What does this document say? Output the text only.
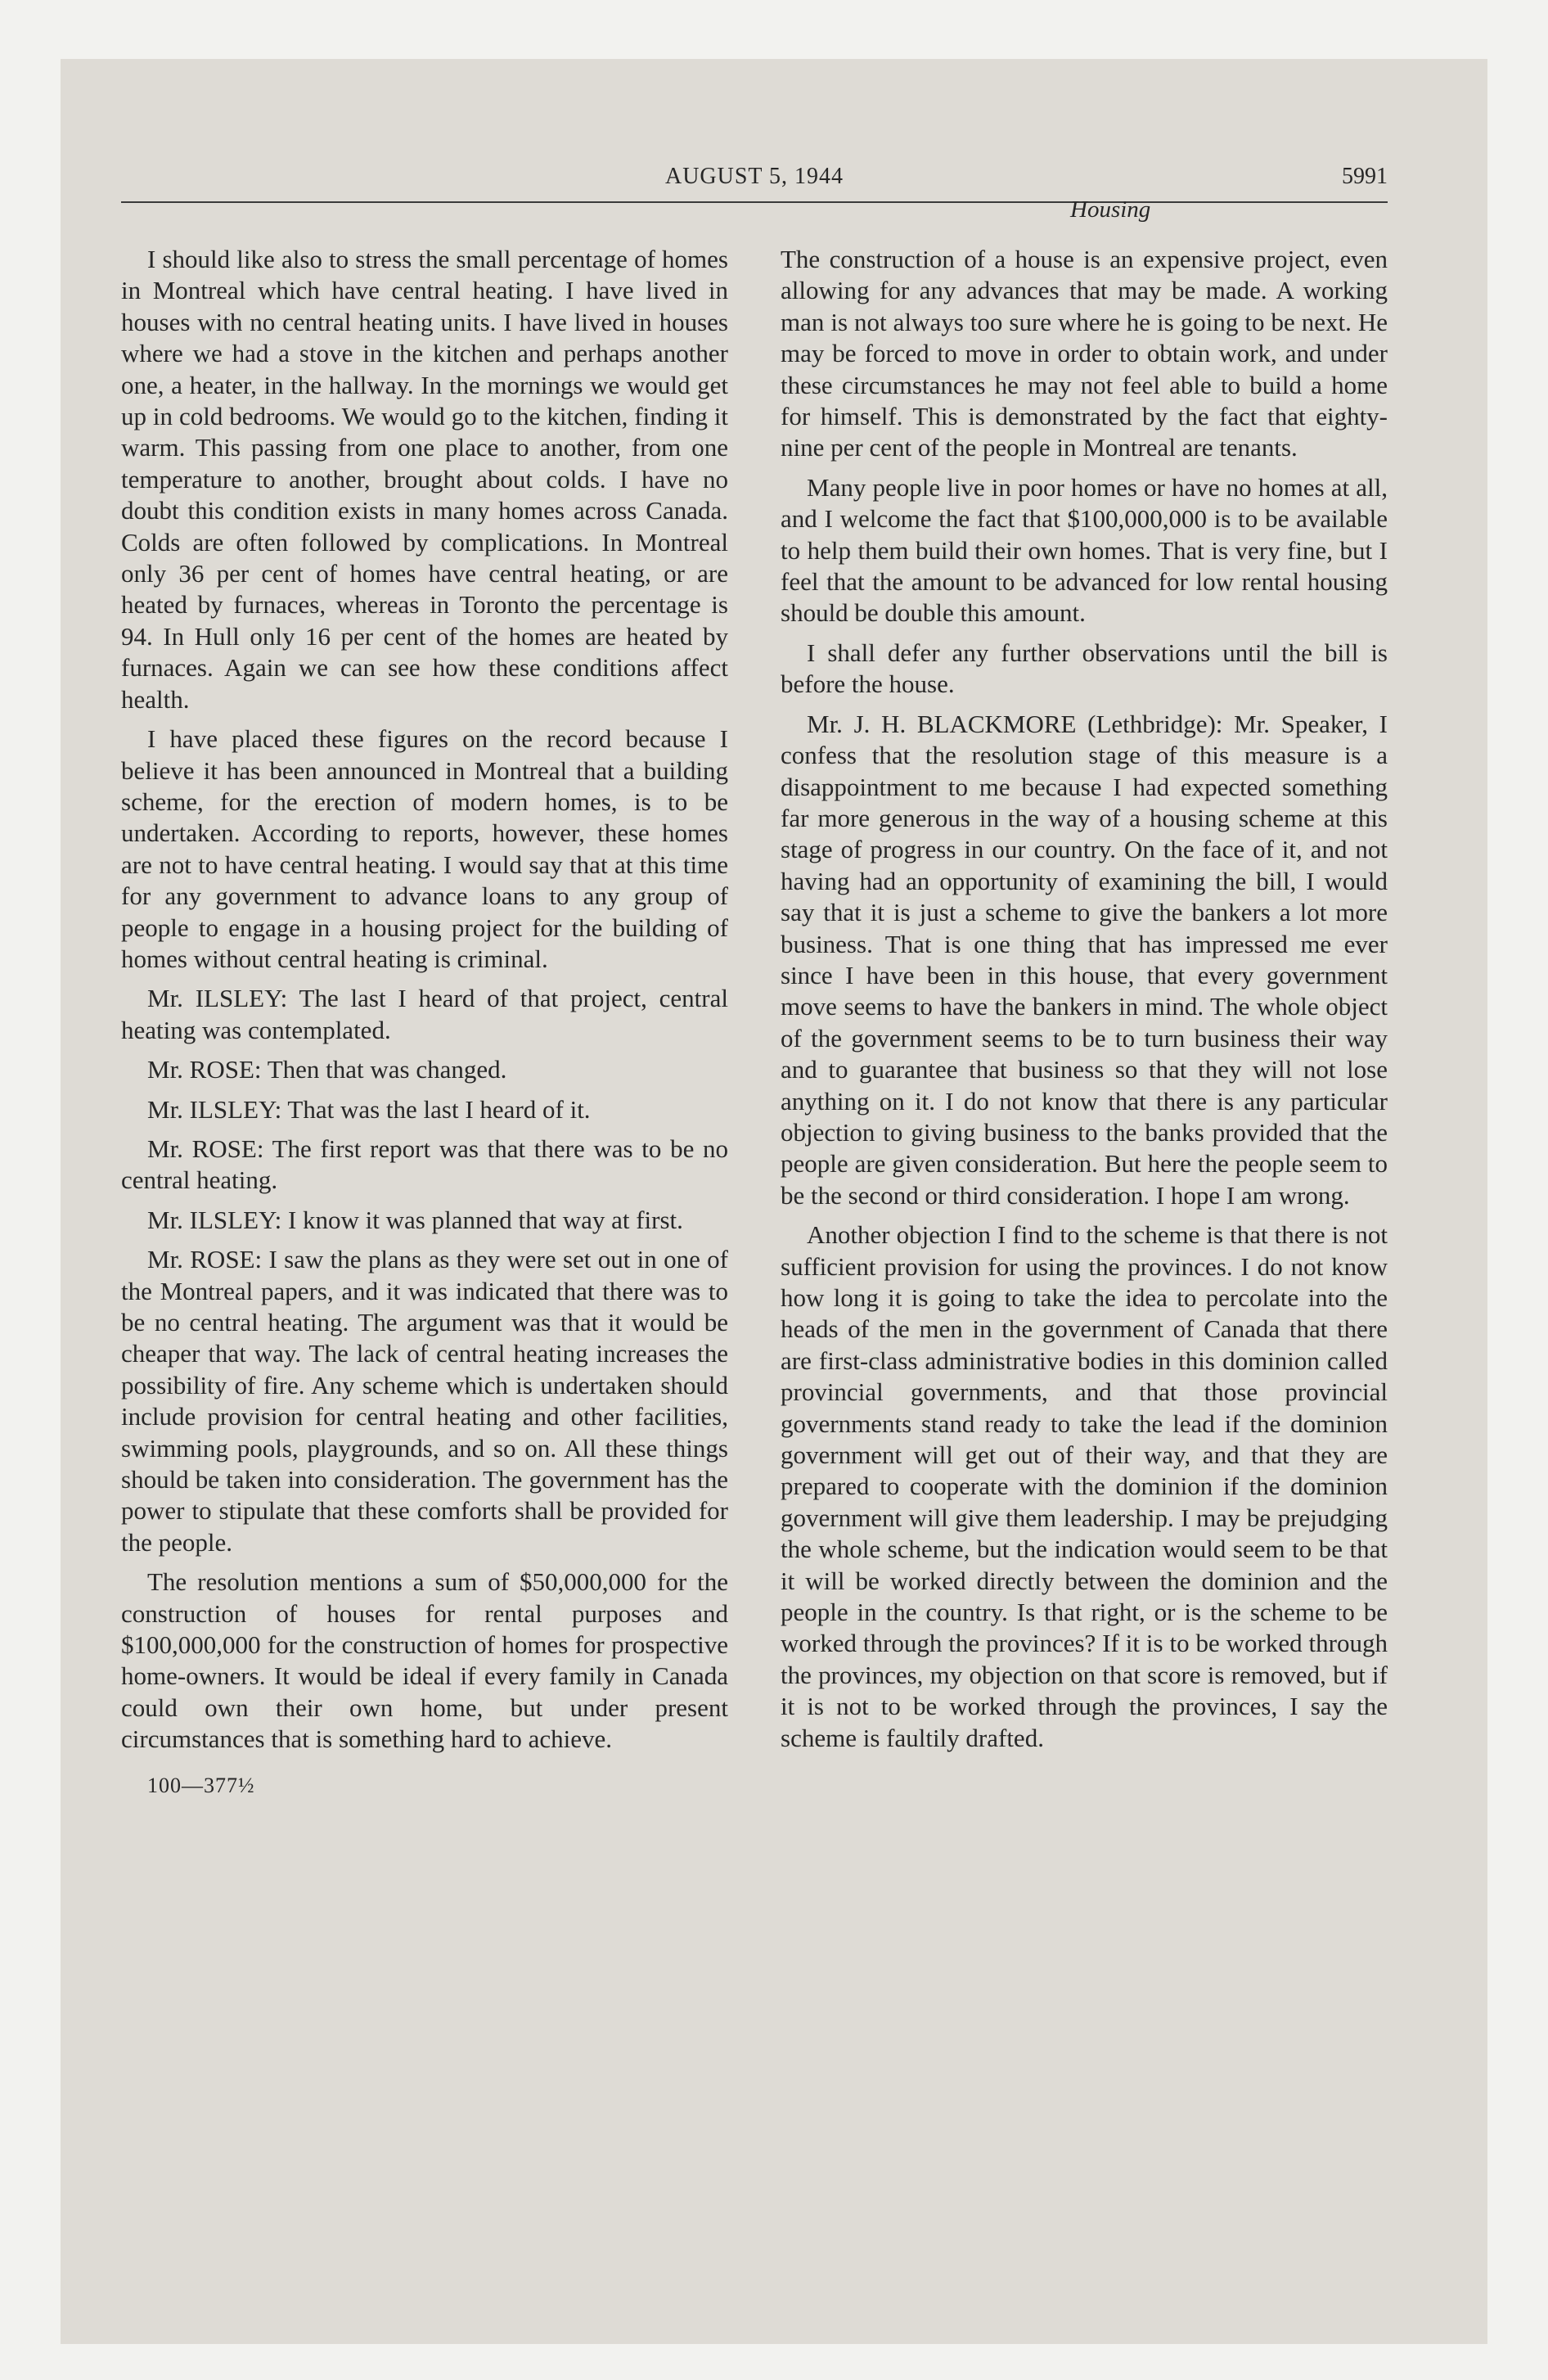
AUGUST 5, 1944	5991
Housing

I should like also to stress the small percentage of homes in Montreal which have central heating. I have lived in houses with no central heating units. I have lived in houses where we had a stove in the kitchen and perhaps another one, a heater, in the hallway. In the mornings we would get up in cold bedrooms. We would go to the kitchen, finding it warm. This passing from one place to another, from one temperature to another, brought about colds. I have no doubt this condition exists in many homes across Canada. Colds are often followed by complications. In Montreal only 36 per cent of homes have central heating, or are heated by furnaces, whereas in Toronto the percentage is 94. In Hull only 16 per cent of the homes are heated by furnaces. Again we can see how these conditions affect health.

I have placed these figures on the record because I believe it has been announced in Montreal that a building scheme, for the erection of modern homes, is to be undertaken. According to reports, however, these homes are not to have central heating. I would say that at this time for any government to advance loans to any group of people to engage in a housing project for the building of homes without central heating is criminal.

Mr. ILSLEY: The last I heard of that project, central heating was contemplated.

Mr. ROSE: Then that was changed.

Mr. ILSLEY: That was the last I heard of it.

Mr. ROSE: The first report was that there was to be no central heating.

Mr. ILSLEY: I know it was planned that way at first.

Mr. ROSE: I saw the plans as they were set out in one of the Montreal papers, and it was indicated that there was to be no central heating. The argument was that it would be cheaper that way. The lack of central heating increases the possibility of fire. Any scheme which is undertaken should include provision for central heating and other facilities, swimming pools, playgrounds, and so on. All these things should be taken into consideration. The government has the power to stipulate that these comforts shall be provided for the people.

The resolution mentions a sum of $50,000,000 for the construction of houses for rental purposes and $100,000,000 for the construction of homes for prospective home-owners. It would be ideal if every family in Canada could own their own home, but under present circumstances that is something hard to achieve.

100—377½

The construction of a house is an expensive project, even allowing for any advances that may be made. A working man is not always too sure where he is going to be next. He may be forced to move in order to obtain work, and under these circumstances he may not feel able to build a home for himself. This is demonstrated by the fact that eighty-nine per cent of the people in Montreal are tenants.

Many people live in poor homes or have no homes at all, and I welcome the fact that $100,000,000 is to be available to help them build their own homes. That is very fine, but I feel that the amount to be advanced for low rental housing should be double this amount.

I shall defer any further observations until the bill is before the house.

Mr. J. H. BLACKMORE (Lethbridge): Mr. Speaker, I confess that the resolution stage of this measure is a disappointment to me because I had expected something far more generous in the way of a housing scheme at this stage of progress in our country. On the face of it, and not having had an opportunity of examining the bill, I would say that it is just a scheme to give the bankers a lot more business. That is one thing that has impressed me ever since I have been in this house, that every government move seems to have the bankers in mind. The whole object of the government seems to be to turn business their way and to guarantee that business so that they will not lose anything on it. I do not know that there is any particular objection to giving business to the banks provided that the people are given consideration. But here the people seem to be the second or third consideration. I hope I am wrong.

Another objection I find to the scheme is that there is not sufficient provision for using the provinces. I do not know how long it is going to take the idea to percolate into the heads of the men in the government of Canada that there are first-class administrative bodies in this dominion called provincial governments, and that those provincial governments stand ready to take the lead if the dominion government will get out of their way, and that they are prepared to cooperate with the dominion if the dominion government will give them leadership. I may be prejudging the whole scheme, but the indication would seem to be that it will be worked directly between the dominion and the people in the country. Is that right, or is the scheme to be worked through the provinces? If it is to be worked through the provinces, my objection on that score is removed, but if it is not to be worked through the provinces, I say the scheme is faultily drafted.
